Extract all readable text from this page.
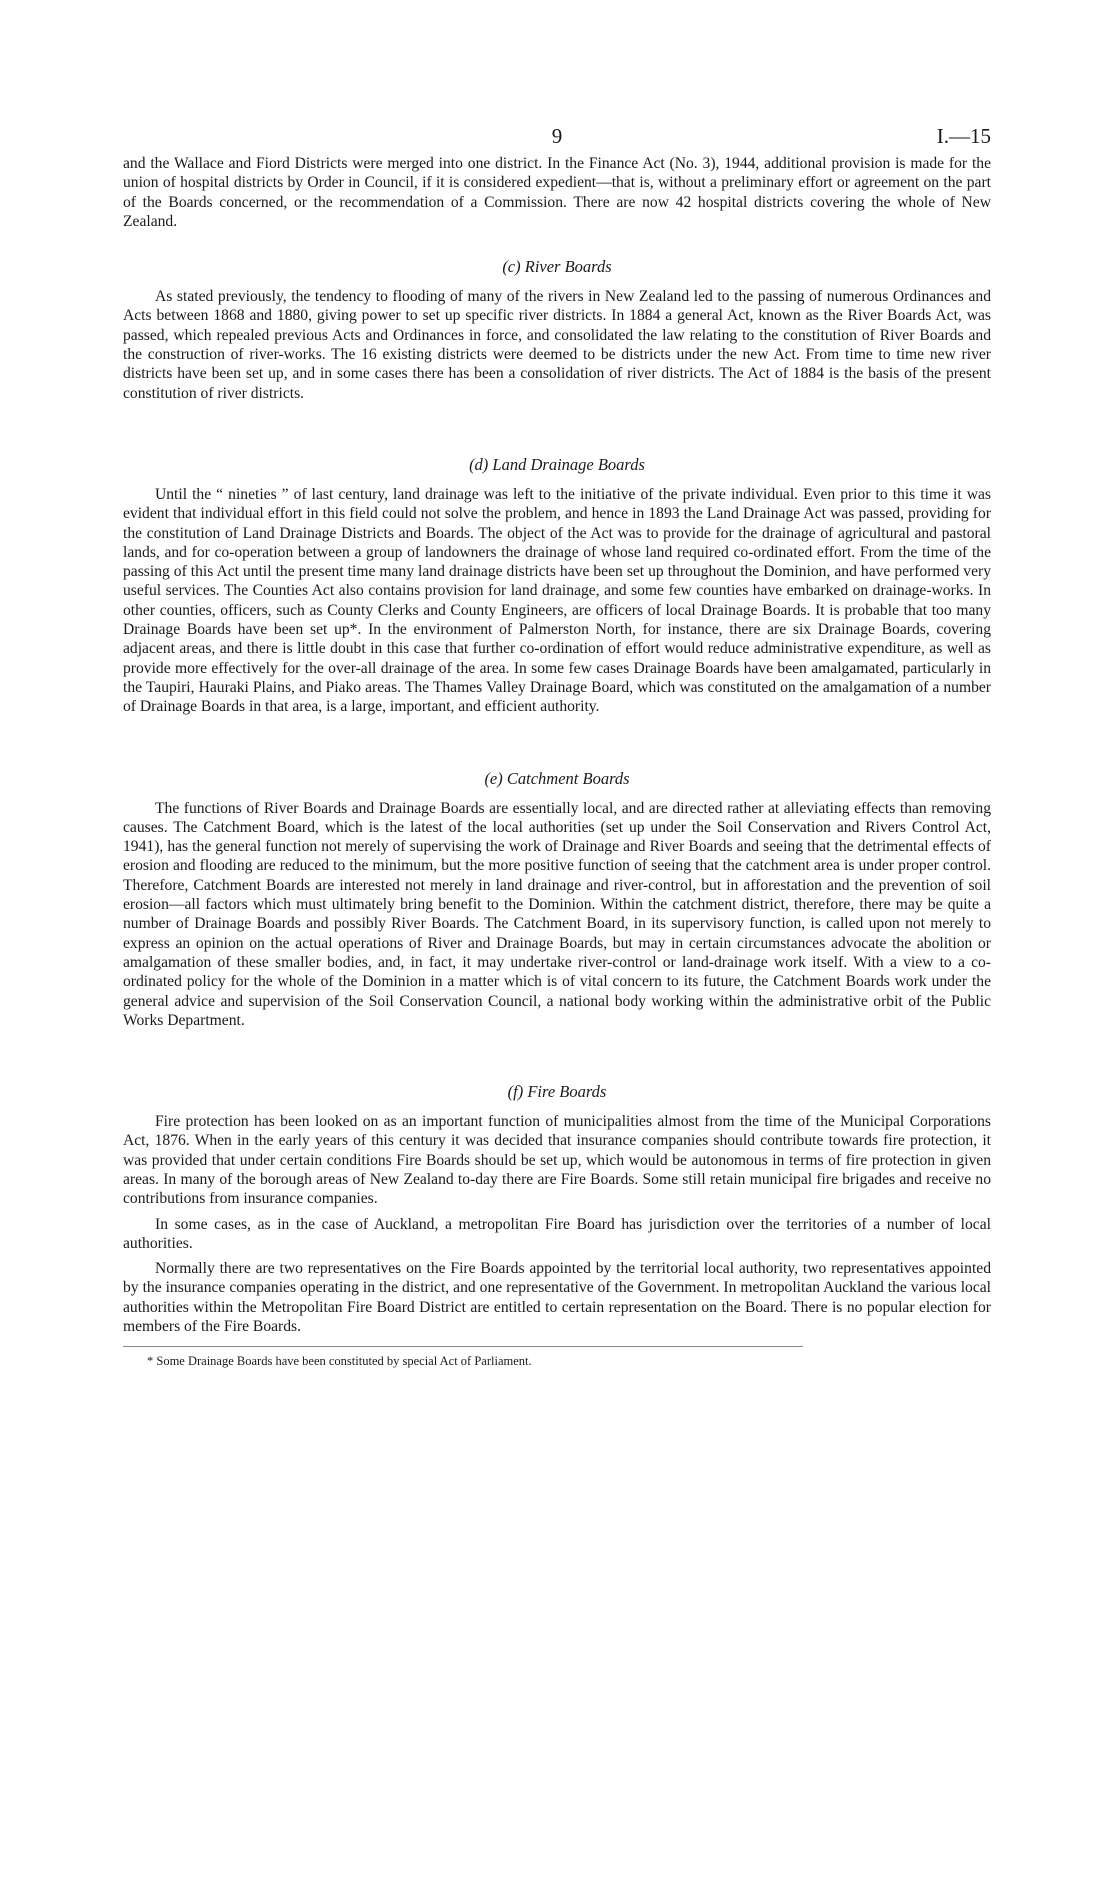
9	I.—15

and the Wallace and Fiord Districts were merged into one district. In the Finance Act (No. 3), 1944, additional provision is made for the union of hospital districts by Order in Council, if it is considered expedient—that is, without a preliminary effort or agreement on the part of the Boards concerned, or the recommendation of a Commission. There are now 42 hospital districts covering the whole of New Zealand.

(c) River Boards

As stated previously, the tendency to flooding of many of the rivers in New Zealand led to the passing of numerous Ordinances and Acts between 1868 and 1880, giving power to set up specific river districts. In 1884 a general Act, known as the River Boards Act, was passed, which repealed previous Acts and Ordinances in force, and consolidated the law relating to the constitution of River Boards and the construction of river-works. The 16 existing districts were deemed to be districts under the new Act. From time to time new river districts have been set up, and in some cases there has been a consolidation of river districts. The Act of 1884 is the basis of the present constitution of river districts.

(d) Land Drainage Boards

Until the “ nineties ” of last century, land drainage was left to the initiative of the private individual. Even prior to this time it was evident that individual effort in this field could not solve the problem, and hence in 1893 the Land Drainage Act was passed, providing for the constitution of Land Drainage Districts and Boards. The object of the Act was to provide for the drainage of agricultural and pastoral lands, and for co-operation between a group of landowners the drainage of whose land required co-ordinated effort. From the time of the passing of this Act until the present time many land drainage districts have been set up throughout the Dominion, and have performed very useful services. The Counties Act also contains provision for land drainage, and some few counties have embarked on drainage-works. In other counties, officers, such as County Clerks and County Engineers, are officers of local Drainage Boards. It is probable that too many Drainage Boards have been set up*. In the environment of Palmerston North, for instance, there are six Drainage Boards, covering adjacent areas, and there is little doubt in this case that further co-ordination of effort would reduce administrative expenditure, as well as provide more effectively for the over-all drainage of the area. In some few cases Drainage Boards have been amalgamated, particularly in the Taupiri, Hauraki Plains, and Piako areas. The Thames Valley Drainage Board, which was constituted on the amalgamation of a number of Drainage Boards in that area, is a large, important, and efficient authority.

(e) Catchment Boards

The functions of River Boards and Drainage Boards are essentially local, and are directed rather at alleviating effects than removing causes. The Catchment Board, which is the latest of the local authorities (set up under the Soil Conservation and Rivers Control Act, 1941), has the general function not merely of supervising the work of Drainage and River Boards and seeing that the detrimental effects of erosion and flooding are reduced to the minimum, but the more positive function of seeing that the catchment area is under proper control. Therefore, Catchment Boards are interested not merely in land drainage and river-control, but in afforestation and the prevention of soil erosion—all factors which must ultimately bring benefit to the Dominion. Within the catchment district, therefore, there may be quite a number of Drainage Boards and possibly River Boards. The Catchment Board, in its supervisory function, is called upon not merely to express an opinion on the actual operations of River and Drainage Boards, but may in certain circumstances advocate the abolition or amalgamation of these smaller bodies, and, in fact, it may undertake river-control or land-drainage work itself. With a view to a co-ordinated policy for the whole of the Dominion in a matter which is of vital concern to its future, the Catchment Boards work under the general advice and supervision of the Soil Conservation Council, a national body working within the administrative orbit of the Public Works Department.

(f) Fire Boards

Fire protection has been looked on as an important function of municipalities almost from the time of the Municipal Corporations Act, 1876. When in the early years of this century it was decided that insurance companies should contribute towards fire protection, it was provided that under certain conditions Fire Boards should be set up, which would be autonomous in terms of fire protection in given areas. In many of the borough areas of New Zealand to-day there are Fire Boards. Some still retain municipal fire brigades and receive no contributions from insurance companies.

In some cases, as in the case of Auckland, a metropolitan Fire Board has jurisdiction over the territories of a number of local authorities.

Normally there are two representatives on the Fire Boards appointed by the territorial local authority, two representatives appointed by the insurance companies operating in the district, and one representative of the Government. In metropolitan Auckland the various local authorities within the Metropolitan Fire Board District are entitled to certain representation on the Board. There is no popular election for members of the Fire Boards.

* Some Drainage Boards have been constituted by special Act of Parliament.
